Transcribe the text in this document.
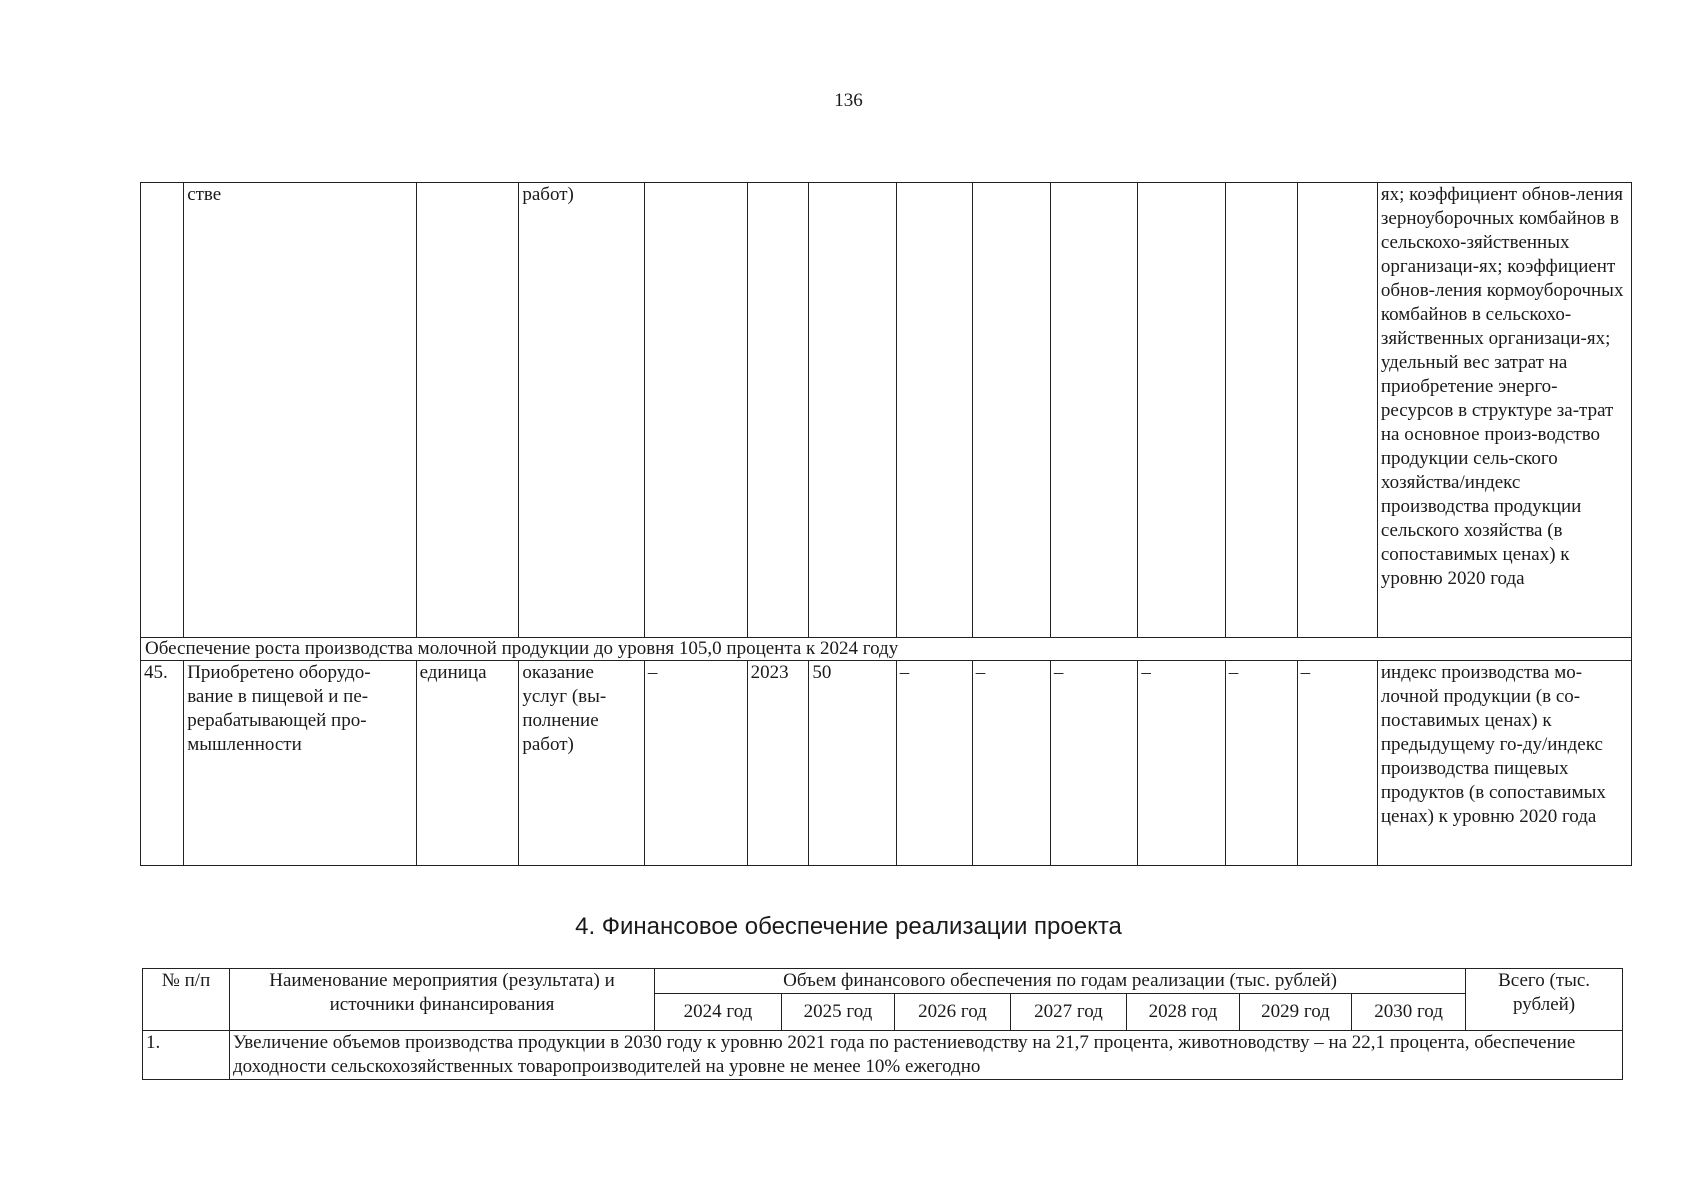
136
	стве		работ)										ях; коэффициент обнов-ления зерноуборочных комбайнов в сельскохо-зяйственных организаци-ях; коэффициент обнов-ления кормоуборочных комбайнов в сельскохо-зяйственных организаци-ях; удельный вес затрат на приобретение энерго-ресурсов в структуре за-трат на основное произ-водство продукции сель-ского хозяйства/индекс производства продукции сельского хозяйства (в сопоставимых ценах) к уровню 2020 года
Обеспечение роста производства молочной продукции до уровня 105,0 процента к 2024 году													
45.	Приобретено оборудо-вание в пищевой и пе-рерабатывающей про-мышленности	единица	оказание услуг (вы-полнение работ)	–	2023	50	–	–	–	–	–	–	индекс производства мо-лочной продукции (в со-поставимых ценах) к предыдущему го-ду/индекс производства пищевых продуктов (в сопоставимых ценах) к уровню 2020 года
4. Финансовое обеспечение реализации проекта
№ п/п	Наименование мероприятия (результата) и источники финансирования	Объем финансового обеспечения по годам реализации (тыс. рублей)							Всего (тыс. рублей)
		2024 год	2025 год	2026 год	2027 год	2028 год	2029 год	2030 год	
1.	Увеличение объемов производства продукции в 2030 году к уровню 2021 года по растениеводству на 21,7 процента, животноводству – на 22,1 процента, обеспечение доходности сельскохозяйственных товаропроизводителей на уровне не менее 10% ежегодно								
